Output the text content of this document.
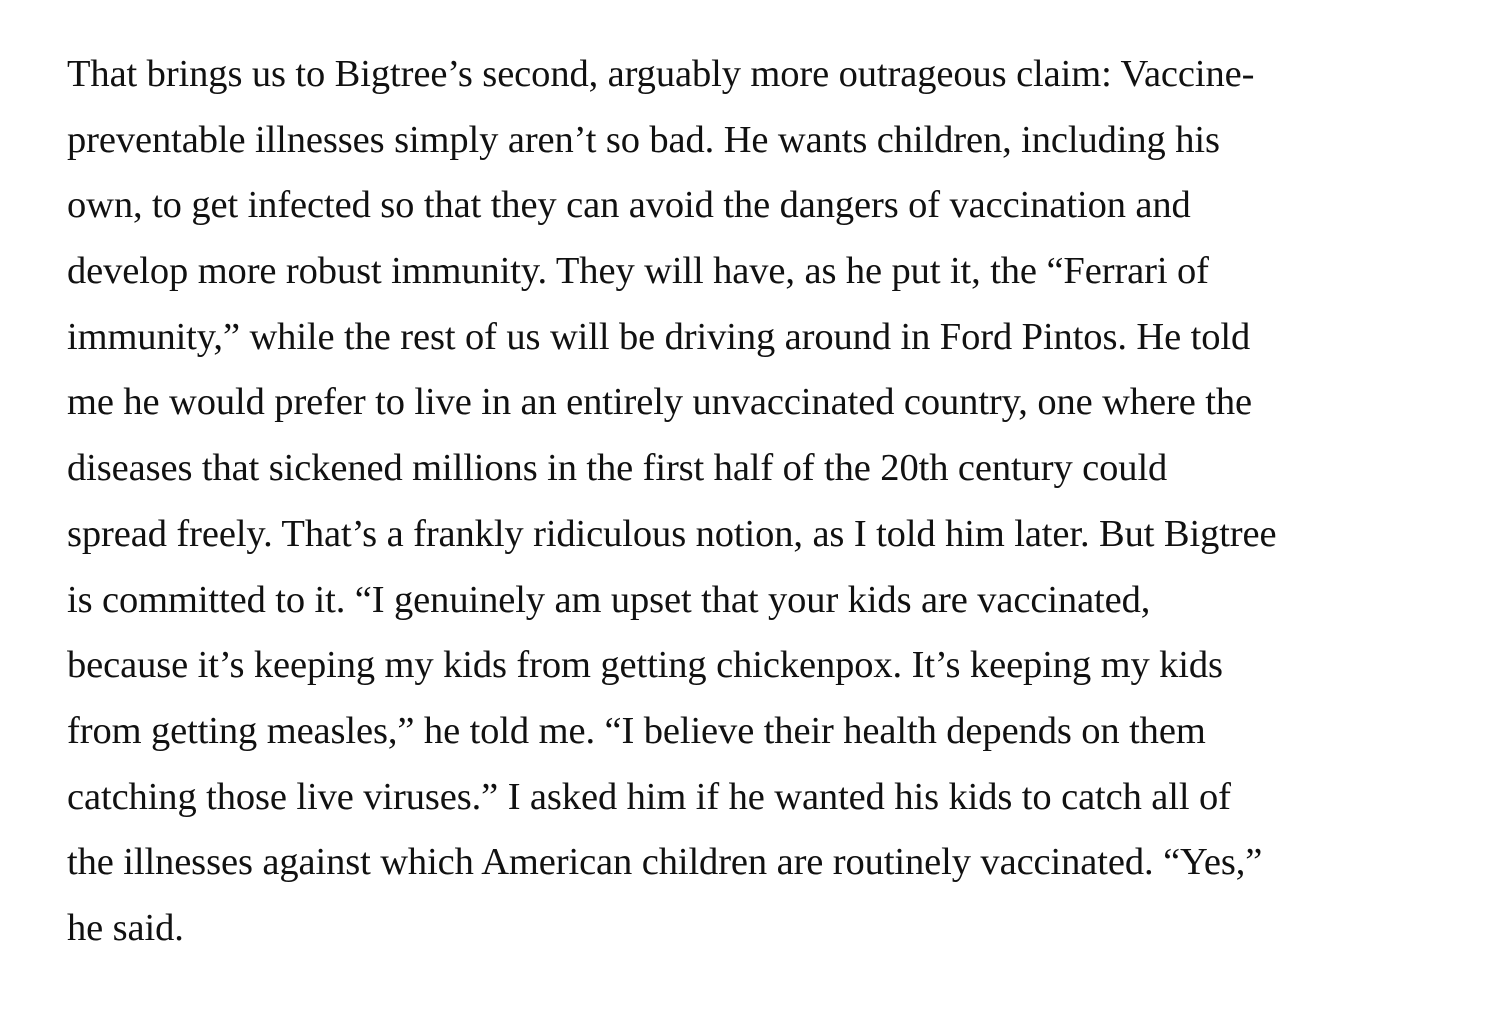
That brings us to Bigtree’s second, arguably more outrageous claim: Vaccine-
preventable illnesses simply aren’t so bad. He wants children, including his
own, to get infected so that they can avoid the dangers of vaccination and
develop more robust immunity. They will have, as he put it, the “Ferrari of
immunity,” while the rest of us will be driving around in Ford Pintos. He told
me he would prefer to live in an entirely unvaccinated country, one where the
diseases that sickened millions in the first half of the 20th century could
spread freely. That’s a frankly ridiculous notion, as I told him later. But Bigtree
is committed to it. “I genuinely am upset that your kids are vaccinated,
because it’s keeping my kids from getting chickenpox. It’s keeping my kids
from getting measles,” he told me. “I believe their health depends on them
catching those live viruses.” I asked him if he wanted his kids to catch all of
the illnesses against which American children are routinely vaccinated. “Yes,”
he said.
